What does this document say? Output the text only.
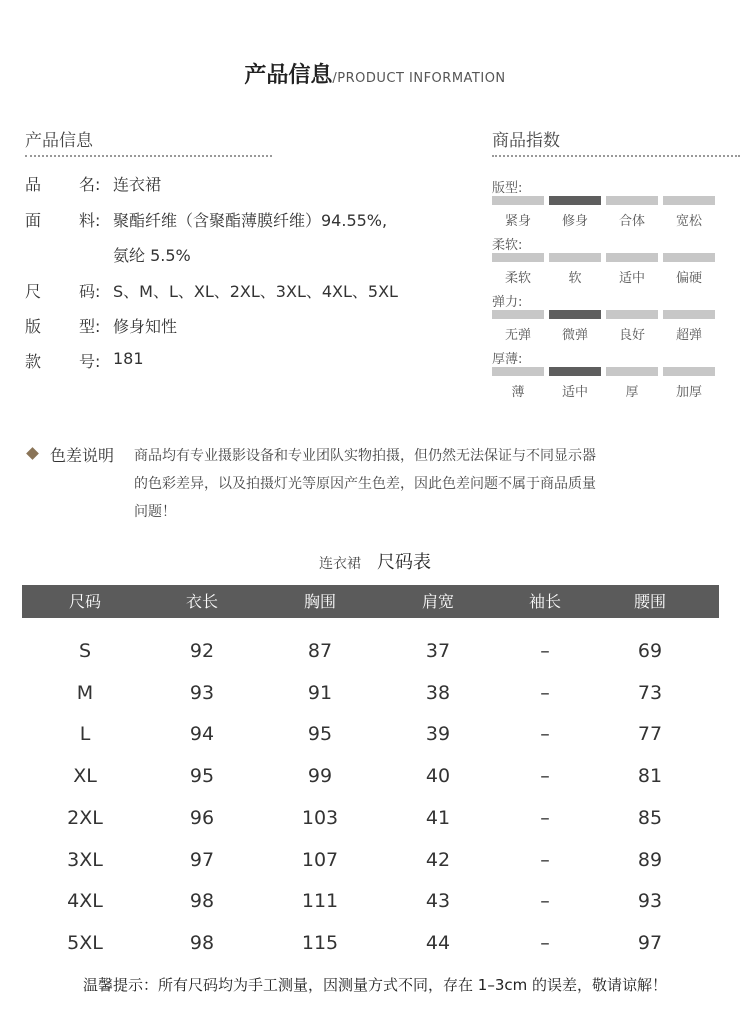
产品信息/PRODUCT INFORMATION
产品信息
品 名: 连衣裙
面 料: 聚酯纤维（含聚酯薄膜纤维）94.55%,
氨纶 5.5%
尺 码: S、M、L、XL、2XL、3XL、4XL、5XL
版 型: 修身知性
款 号: 181
商品指数
版型:
紧身	修身	合体	宽松
柔软:
柔软	软	适中	偏硬
弹力:
无弹	微弹	良好	超弹
厚薄:
薄	适中	厚	加厚
色差说明 商品均有专业摄影设备和专业团队实物拍摄，但仍然无法保证与不同显示器
的色彩差异，以及拍摄灯光等原因产生色差，因此色差问题不属于商品质量
问题！
连衣裙 尺码表
尺码	衣长	胸围	肩宽	袖长	腰围
S	92	87	37	–	69
M	93	91	38	–	73
L	94	95	39	–	77
XL	95	99	40	–	81
2XL	96	103	41	–	85
3XL	97	107	42	–	89
4XL	98	111	43	–	93
5XL	98	115	44	–	97
温馨提示：所有尺码均为手工测量，因测量方式不同，存在 1–3cm 的误差，敬请谅解！
